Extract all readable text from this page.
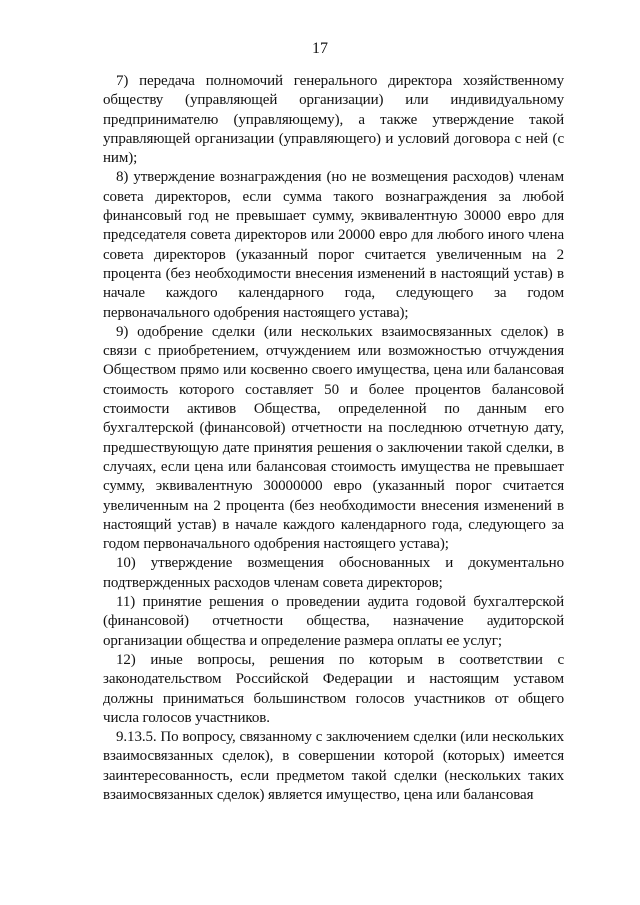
17

7) передача полномочий генерального директора хозяйственному обществу (управляющей организации) или индивидуальному предпринимателю (управляющему), а также утверждение такой управляющей организации (управляющего) и условий договора с ней (с ним);

8) утверждение вознаграждения (но не возмещения расходов) членам совета директоров, если сумма такого вознаграждения за любой финансовый год не превышает сумму, эквивалентную 30000 евро для председателя совета директоров или 20000 евро для любого иного члена совета директоров (указанный порог считается увеличенным на 2 процента (без необходимости внесения изменений в настоящий устав) в начале каждого календарного года, следующего за годом первоначального одобрения настоящего устава);

9) одобрение сделки (или нескольких взаимосвязанных сделок) в связи с приобретением, отчуждением или возможностью отчуждения Обществом прямо или косвенно своего имущества, цена или балансовая стоимость которого составляет 50 и более процентов балансовой стоимости активов Общества, определенной по данным его бухгалтерской (финансовой) отчетности на последнюю отчетную дату, предшествующую дате принятия решения о заключении такой сделки, в случаях, если цена или балансовая стоимость имущества не превышает сумму, эквивалентную 30000000 евро (указанный порог считается увеличенным на 2 процента (без необходимости внесения изменений в настоящий устав) в начале каждого календарного года, следующего за годом первоначального одобрения настоящего устава);

10) утверждение возмещения обоснованных и документально подтвержденных расходов членам совета директоров;

11) принятие решения о проведении аудита годовой бухгалтерской (финансовой) отчетности общества, назначение аудиторской организации общества и определение размера оплаты ее услуг;

12) иные вопросы, решения по которым в соответствии с законодательством Российской Федерации и настоящим уставом должны приниматься большинством голосов участников от общего числа голосов участников.

9.13.5. По вопросу, связанному с заключением сделки (или нескольких взаимосвязанных сделок), в совершении которой (которых) имеется заинтересованность, если предметом такой сделки (нескольких таких взаимосвязанных сделок) является имущество, цена или балансовая
